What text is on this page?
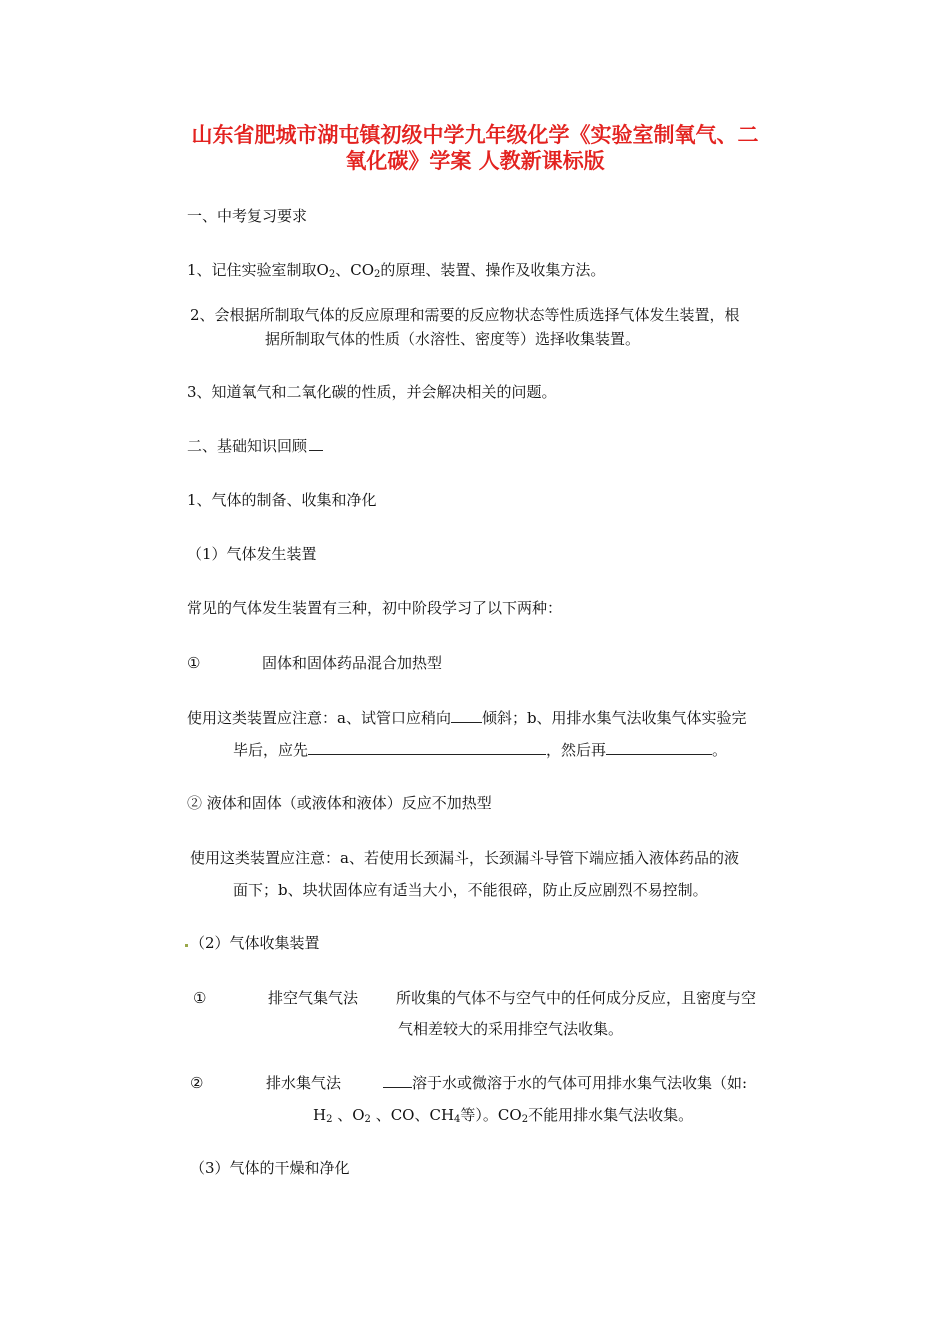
山东省肥城市湖屯镇初级中学九年级化学《实验室制氧气、二
氧化碳》学案 人教新课标版
一、中考复习要求
1、记住实验室制取$O_2$、$CO_2$的原理、装置、操作及收集方法。
2、会根据所制取气体的反应原理和需要的反应物状态等性质选择气体发生装置，根
据所制取气体的性质（水溶性、密度等）选择收集装置。
3、知道氧气和二氧化碳的性质，并会解决相关的问题。
二、基础知识回顾
1、气体的制备、收集和净化
（1）气体发生装置
常见的气体发生装置有三种，初中阶段学习了以下两种：
①	固体和固体药品混合加热型
使用这类装置应注意：a、试管口应稍向 倾斜；b、用排水集气法收集气体实验完
毕后，应先	，然后再	。
② 液体和固体（或液体和液体）反应不加热型
使用这类装置应注意：a、若使用长颈漏斗，长颈漏斗导管下端应插入液体药品的液
面下；b、块状固体应有适当大小，不能很碎，防止反应剧烈不易控制。
（2）气体收集装置
①	排空气集气法	所收集的气体不与空气中的任何成分反应，且密度与空
气相差较大的采用排空气法收集。
②	排水集气法	溶于水或微溶于水的气体可用排水集气法收集（如:
$H_2$ 、$O_2$ 、CO、$CH_4$等）。$CO_2$不能用排水集气法收集。
（3）气体的干燥和净化
